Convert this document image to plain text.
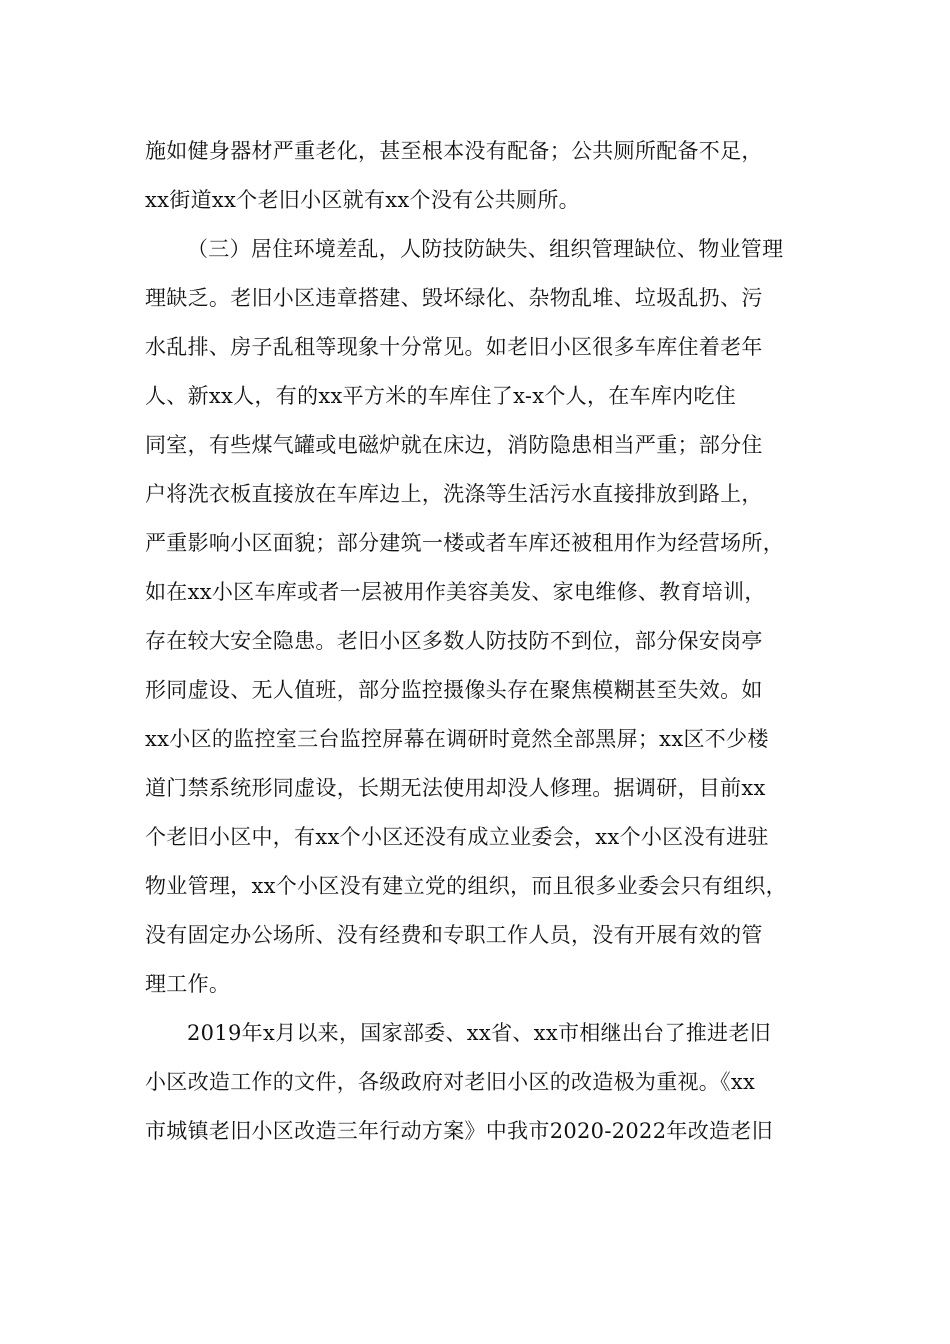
施如健身器材严重老化，甚至根本没有配备；公共厕所配备不足，
xx街道xx个老旧小区就有xx个没有公共厕所。
（三）居住环境差乱，人防技防缺失、组织管理缺位、物业管理
理缺乏。老旧小区违章搭建、毁坏绿化、杂物乱堆、垃圾乱扔、污
水乱排、房子乱租等现象十分常见。如老旧小区很多车库住着老年
人、新xx人，有的xx平方米的车库住了x-x个人，在车库内吃住
同室，有些煤气罐或电磁炉就在床边，消防隐患相当严重；部分住
户将洗衣板直接放在车库边上，洗涤等生活污水直接排放到路上，
严重影响小区面貌；部分建筑一楼或者车库还被租用作为经营场所，
如在xx小区车库或者一层被用作美容美发、家电维修、教育培训，
存在较大安全隐患。老旧小区多数人防技防不到位，部分保安岗亭
形同虚设、无人值班，部分监控摄像头存在聚焦模糊甚至失效。如
xx小区的监控室三台监控屏幕在调研时竟然全部黑屏；xx区不少楼
道门禁系统形同虚设，长期无法使用却没人修理。据调研，目前xx
个老旧小区中，有xx个小区还没有成立业委会，xx个小区没有进驻
物业管理，xx个小区没有建立党的组织，而且很多业委会只有组织，
没有固定办公场所、没有经费和专职工作人员，没有开展有效的管
理工作。
2019年x月以来，国家部委、xx省、xx市相继出台了推进老旧
小区改造工作的文件，各级政府对老旧小区的改造极为重视。《xx
市城镇老旧小区改造三年行动方案》中我市2020-2022年改造老旧
